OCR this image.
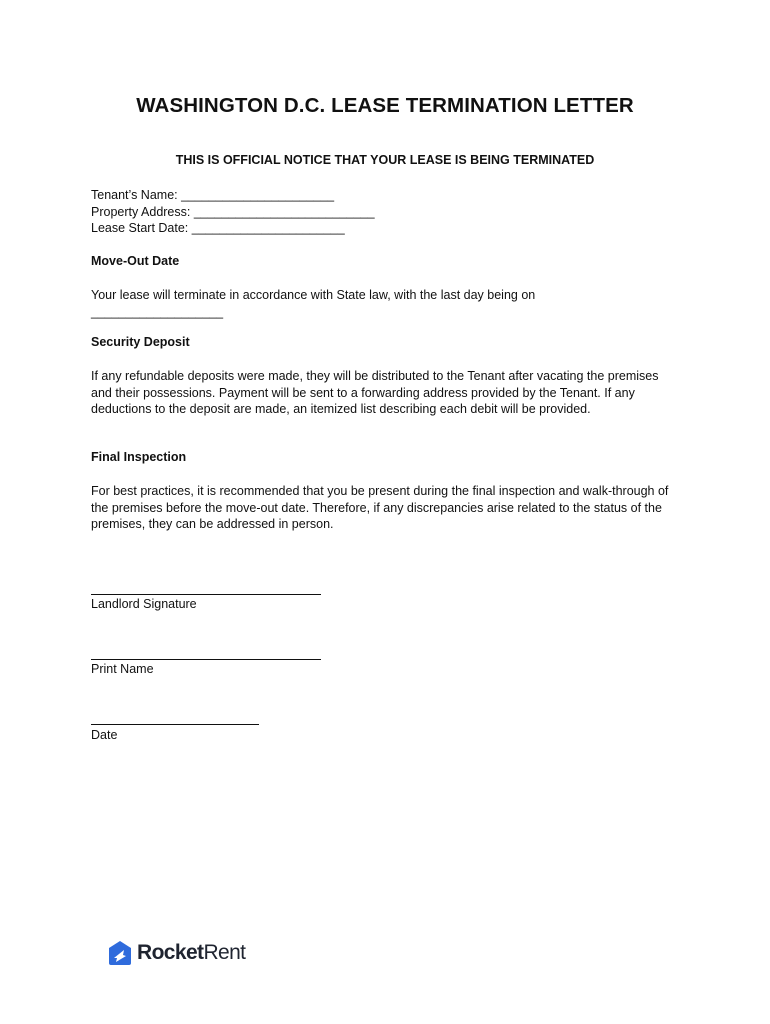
WASHINGTON D.C. LEASE TERMINATION LETTER
THIS IS OFFICIAL NOTICE THAT YOUR LEASE IS BEING TERMINATED
Tenant’s Name: ______________________
Property Address: __________________________
Lease Start Date: ______________________
Move-Out Date
Your lease will terminate in accordance with State law, with the last day being on ___________________
Security Deposit
If any refundable deposits were made, they will be distributed to the Tenant after vacating the premises and their possessions. Payment will be sent to a forwarding address provided by the Tenant. If any deductions to the deposit are made, an itemized list describing each debit will be provided.
Final Inspection
For best practices, it is recommended that you be present during the final inspection and walk-through of the premises before the move-out date. Therefore, if any discrepancies arise related to the status of the premises, they can be addressed in person.
Landlord Signature
Print Name
Date
RocketRent
